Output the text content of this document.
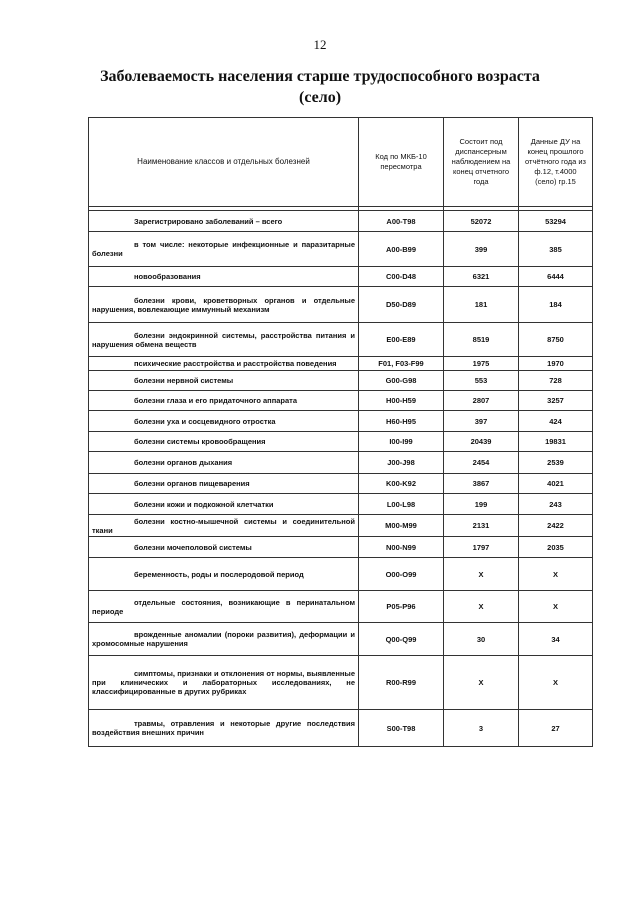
12
Заболеваемость населения старше трудоспособного возраста
(село)
Наименование классов и отдельных болезней	Код по МКБ-10 пересмотра	Состоит под диспансерным наблюдением на конец отчетного года	Данные ДУ на конец прошлого отчётного года из ф.12, т.4000 (село) гр.15

Зарегистрировано заболеваний – всего	A00-T98	52072	53294
в том числе: некоторые инфекционные и паразитарные болезни	A00-B99	399	385
новообразования	C00-D48	6321	6444
болезни крови, кроветворных органов и отдельные нарушения, вовлекающие иммунный механизм	D50-D89	181	184
болезни эндокринной системы, расстройства питания и нарушения обмена веществ	E00-E89	8519	8750
психические расстройства и расстройства поведения	F01, F03-F99	1975	1970
болезни нервной системы	G00-G98	553	728
болезни глаза и его придаточного аппарата	H00-H59	2807	3257
болезни уха и сосцевидного отростка	H60-H95	397	424
болезни системы кровообращения	I00-I99	20439	19831
болезни органов дыхания	J00-J98	2454	2539
болезни органов пищеварения	K00-K92	3867	4021
болезни кожи и подкожной клетчатки	L00-L98	199	243
болезни костно-мышечной системы и соединительной ткани	M00-M99	2131	2422
болезни мочеполовой системы	N00-N99	1797	2035
беременность, роды и послеродовой период	O00-O99	X	X
отдельные состояния, возникающие в перинатальном периоде	P05-P96	X	X
врожденные аномалии (пороки развития), деформации и хромосомные нарушения	Q00-Q99	30	34
симптомы, признаки и отклонения от нормы, выявленные при клинических и лабораторных исследованиях, не классифицированные в других рубриках	R00-R99	X	X
травмы, отравления и некоторые другие последствия воздействия внешних причин	S00-T98	3	27
